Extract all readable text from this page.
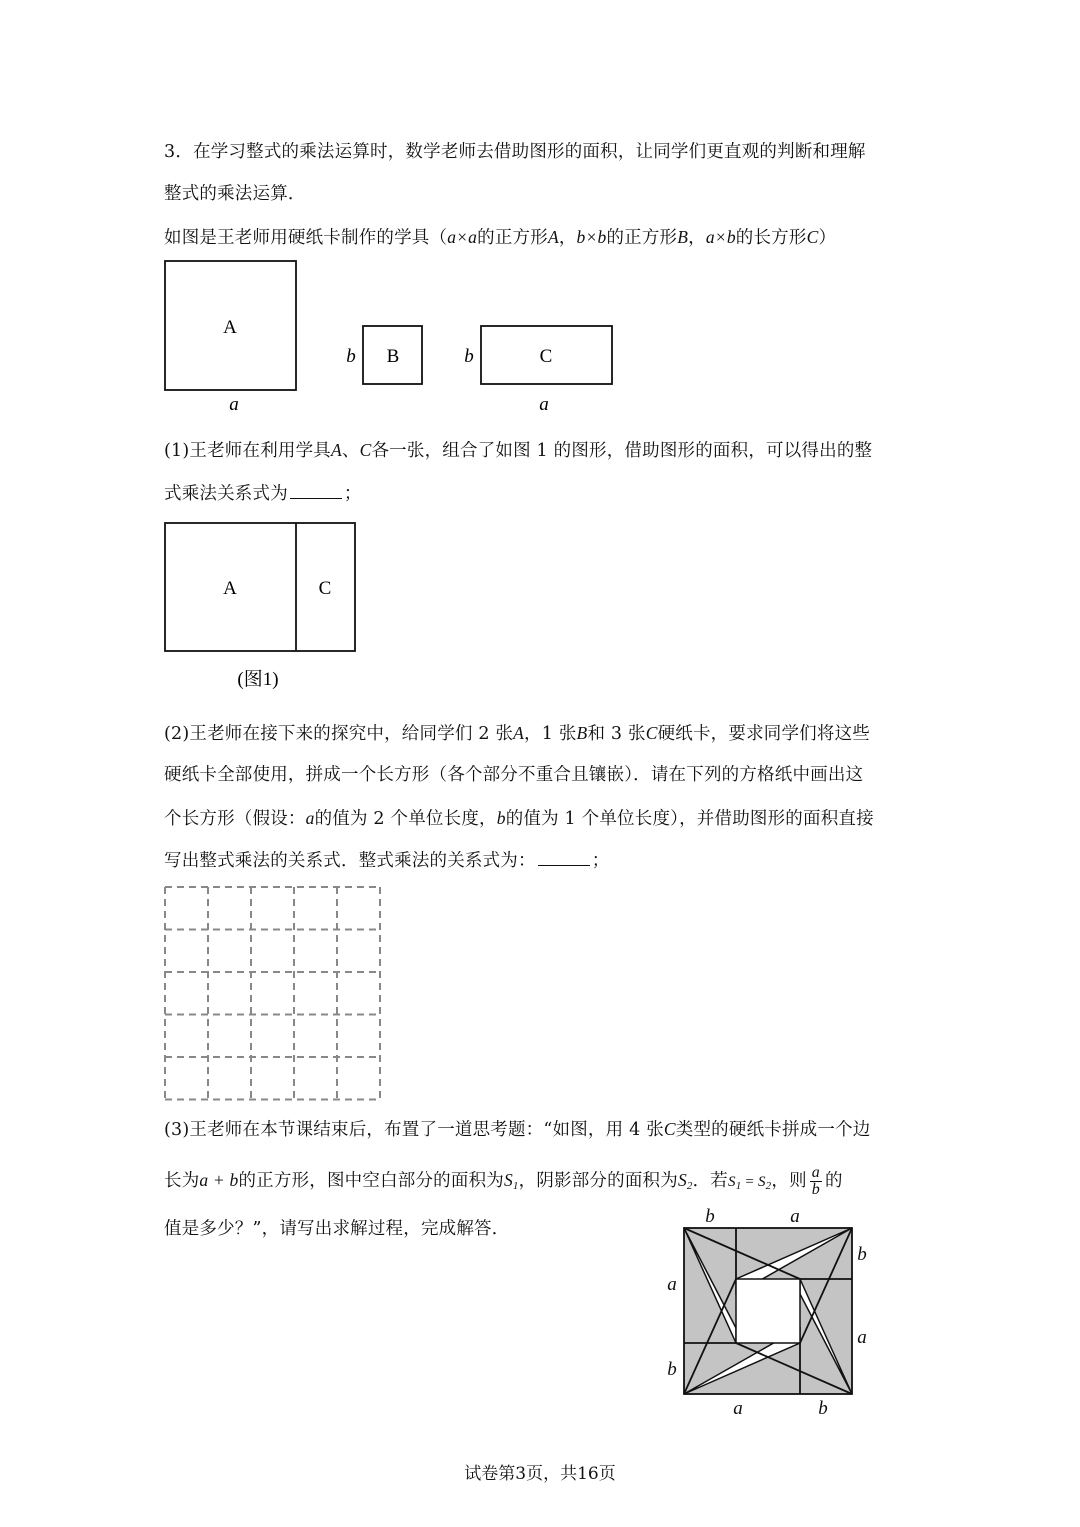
3．在学习整式的乘法运算时，数学老师去借助图形的面积，让同学们更直观的判断和理解
整式的乘法运算．
如图是王老师用硬纸卡制作的学具（a×a的正方形A，b×b的正方形B，a×b的长方形C）
A
a
B
b	C
b
a
(1)王老师在利用学具A、C各一张，组合了如图 1 的图形，借助图形的面积，可以得出的整
式乘法关系式为	；
A	C
(图1)
(2)王老师在接下来的探究中，给同学们 2 张A，1 张B和 3 张C硬纸卡，要求同学们将这些
硬纸卡全部使用，拼成一个长方形（各个部分不重合且镶嵌）．请在下列的方格纸中画出这
个长方形（假设：a的值为 2 个单位长度，b的值为 1 个单位长度），并借助图形的面积直接
写出整式乘法的关系式．整式乘法的关系式为：	；
(3)王老师在本节课结束后，布置了一道思考题：“如图，用 4 张C类型的硬纸卡拼成一个边
长为a + b的正方形，图中空白部分的面积为$S_1$，阴影部分的面积为$S_2$．若$S_1 = S_2$，则 $\frac{a}{b}$ 的
值是多少？”，请写出求解过程，完成解答．
b	a
b
a
a	b
a
b
试卷第3页，共16页
